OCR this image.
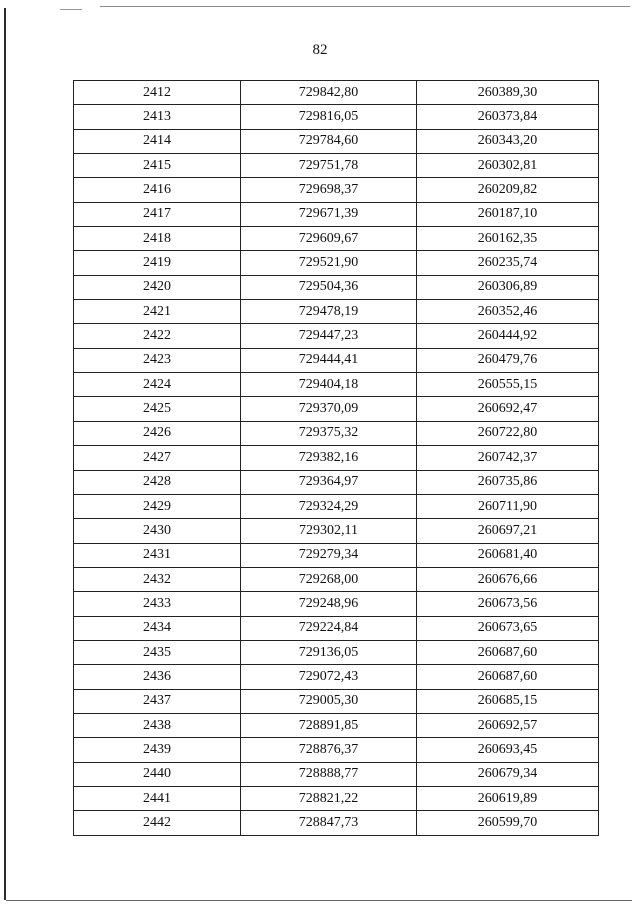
82
2412	729842,80	260389,30
2413	729816,05	260373,84
2414	729784,60	260343,20
2415	729751,78	260302,81
2416	729698,37	260209,82
2417	729671,39	260187,10
2418	729609,67	260162,35
2419	729521,90	260235,74
2420	729504,36	260306,89
2421	729478,19	260352,46
2422	729447,23	260444,92
2423	729444,41	260479,76
2424	729404,18	260555,15
2425	729370,09	260692,47
2426	729375,32	260722,80
2427	729382,16	260742,37
2428	729364,97	260735,86
2429	729324,29	260711,90
2430	729302,11	260697,21
2431	729279,34	260681,40
2432	729268,00	260676,66
2433	729248,96	260673,56
2434	729224,84	260673,65
2435	729136,05	260687,60
2436	729072,43	260687,60
2437	729005,30	260685,15
2438	728891,85	260692,57
2439	728876,37	260693,45
2440	728888,77	260679,34
2441	728821,22	260619,89
2442	728847,73	260599,70
